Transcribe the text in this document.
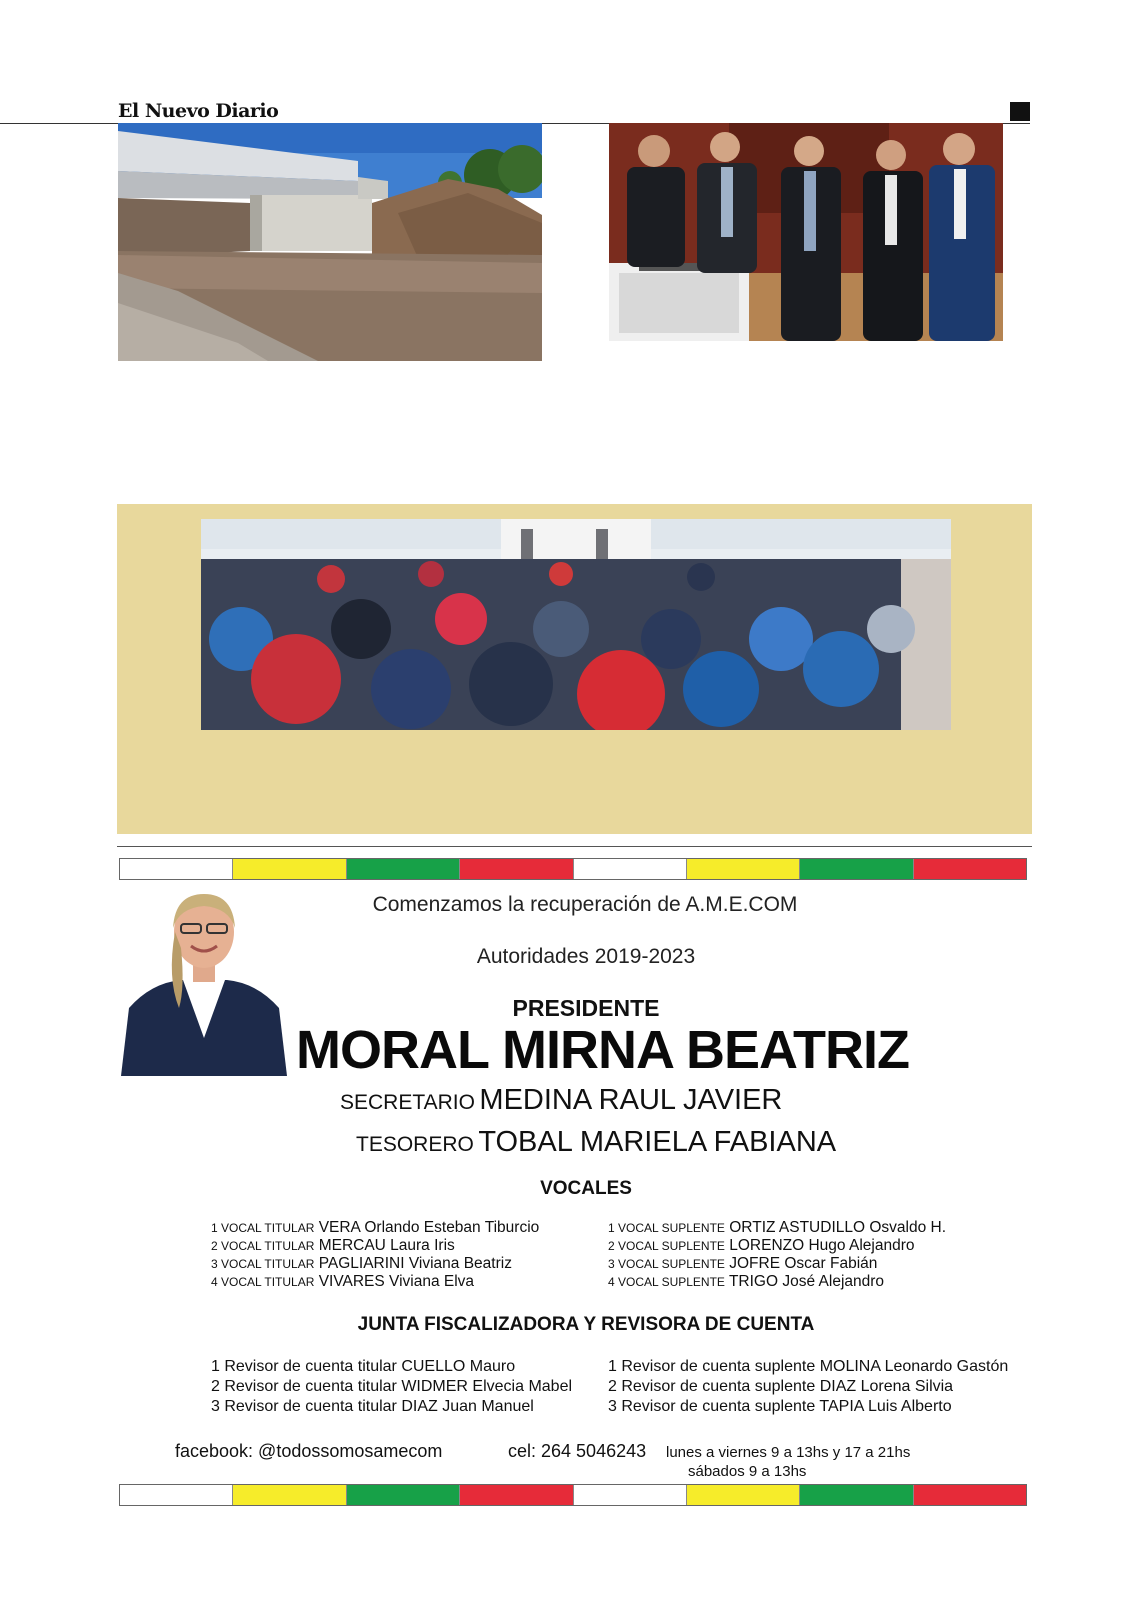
El Nuevo Diario
Comenzamos la recuperación de A.M.E.COM
Autoridades 2019-2023
PRESIDENTE
MORAL MIRNA BEATRIZ
SECRETARIO MEDINA RAUL JAVIER
TESORERO TOBAL MARIELA FABIANA
VOCALES
1 VOCAL TITULAR VERA Orlando Esteban Tiburcio
2 VOCAL TITULAR MERCAU Laura Iris
3 VOCAL TITULAR PAGLIARINI Viviana Beatriz
4 VOCAL TITULAR VIVARES Viviana Elva
1 VOCAL SUPLENTE ORTIZ ASTUDILLO Osvaldo H.
2 VOCAL SUPLENTE LORENZO Hugo Alejandro
3 VOCAL SUPLENTE JOFRE Oscar Fabián
4 VOCAL SUPLENTE TRIGO José Alejandro
JUNTA FISCALIZADORA Y REVISORA DE CUENTA
1 Revisor de cuenta titular CUELLO Mauro
2 Revisor de cuenta titular WIDMER Elvecia Mabel
3 Revisor de cuenta titular DIAZ Juan Manuel
1 Revisor de cuenta suplente MOLINA Leonardo Gastón
2 Revisor de cuenta suplente DIAZ Lorena Silvia
3 Revisor de cuenta suplente TAPIA Luis Alberto
facebook: @todossomosamecom	cel: 264 5046243 lunes a viernes 9 a 13hs y 17 a 21hs
sábados 9 a 13hs
